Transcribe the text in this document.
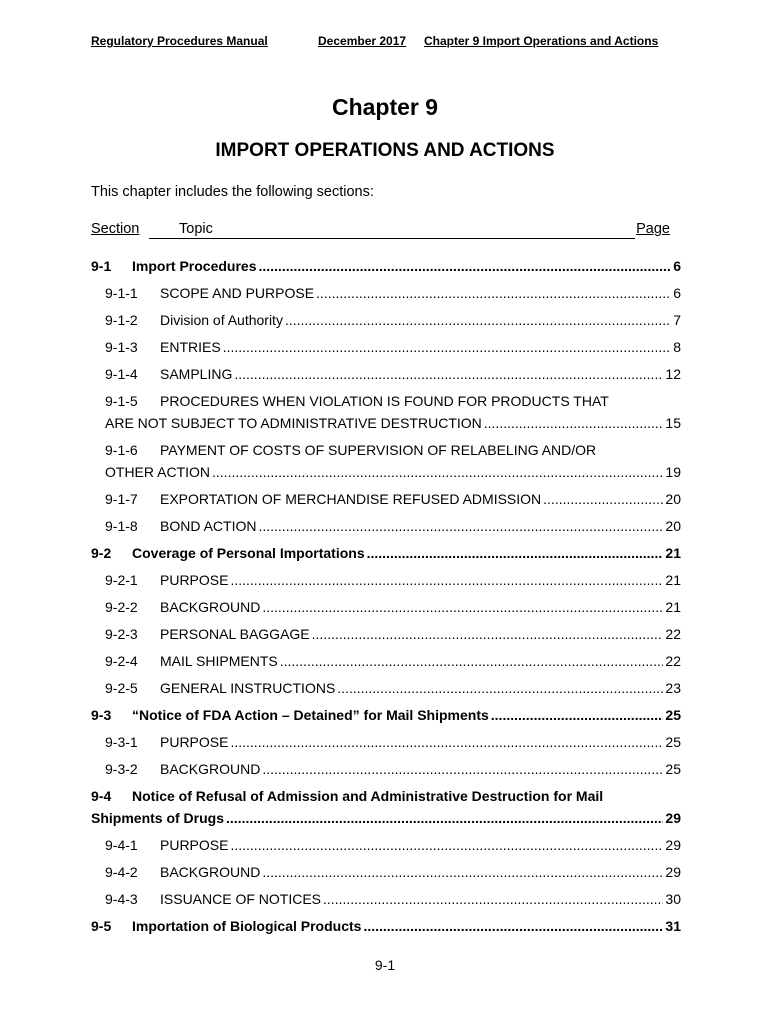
Regulatory Procedures Manual	December 2017 Chapter 9 Import Operations and Actions
Chapter 9
IMPORT OPERATIONS AND ACTIONS
This chapter includes the following sections:
Section	Topic	Page
9-1	Import Procedures .....	6
9-1-1	SCOPE AND PURPOSE .....	6
9-1-2	Division of Authority .....	7
9-1-3	ENTRIES .....	8
9-1-4	SAMPLING .....	12
9-1-5 PROCEDURES WHEN VIOLATION IS FOUND FOR PRODUCTS THAT
ARE NOT SUBJECT TO ADMINISTRATIVE DESTRUCTION .....	15
9-1-6 PAYMENT OF COSTS OF SUPERVISION OF RELABELING AND/OR
OTHER ACTION .....	19
9-1-7	EXPORTATION OF MERCHANDISE REFUSED ADMISSION .....	20
9-1-8	BOND ACTION .....	20
9-2	Coverage of Personal Importations .....	21
9-2-1	PURPOSE .....	21
9-2-2	BACKGROUND .....	21
9-2-3	PERSONAL BAGGAGE .....	22
9-2-4	MAIL SHIPMENTS .....	22
9-2-5	GENERAL INSTRUCTIONS .....	23
9-3	“Notice of FDA Action – Detained” for Mail Shipments .....	25
9-3-1	PURPOSE .....	25
9-3-2	BACKGROUND .....	25
9-4 Notice of Refusal of Admission and Administrative Destruction for Mail
Shipments of Drugs .....	29
9-4-1	PURPOSE .....	29
9-4-2	BACKGROUND .....	29
9-4-3	ISSUANCE OF NOTICES .....	30
9-5	Importation of Biological Products .....	31
9-1
